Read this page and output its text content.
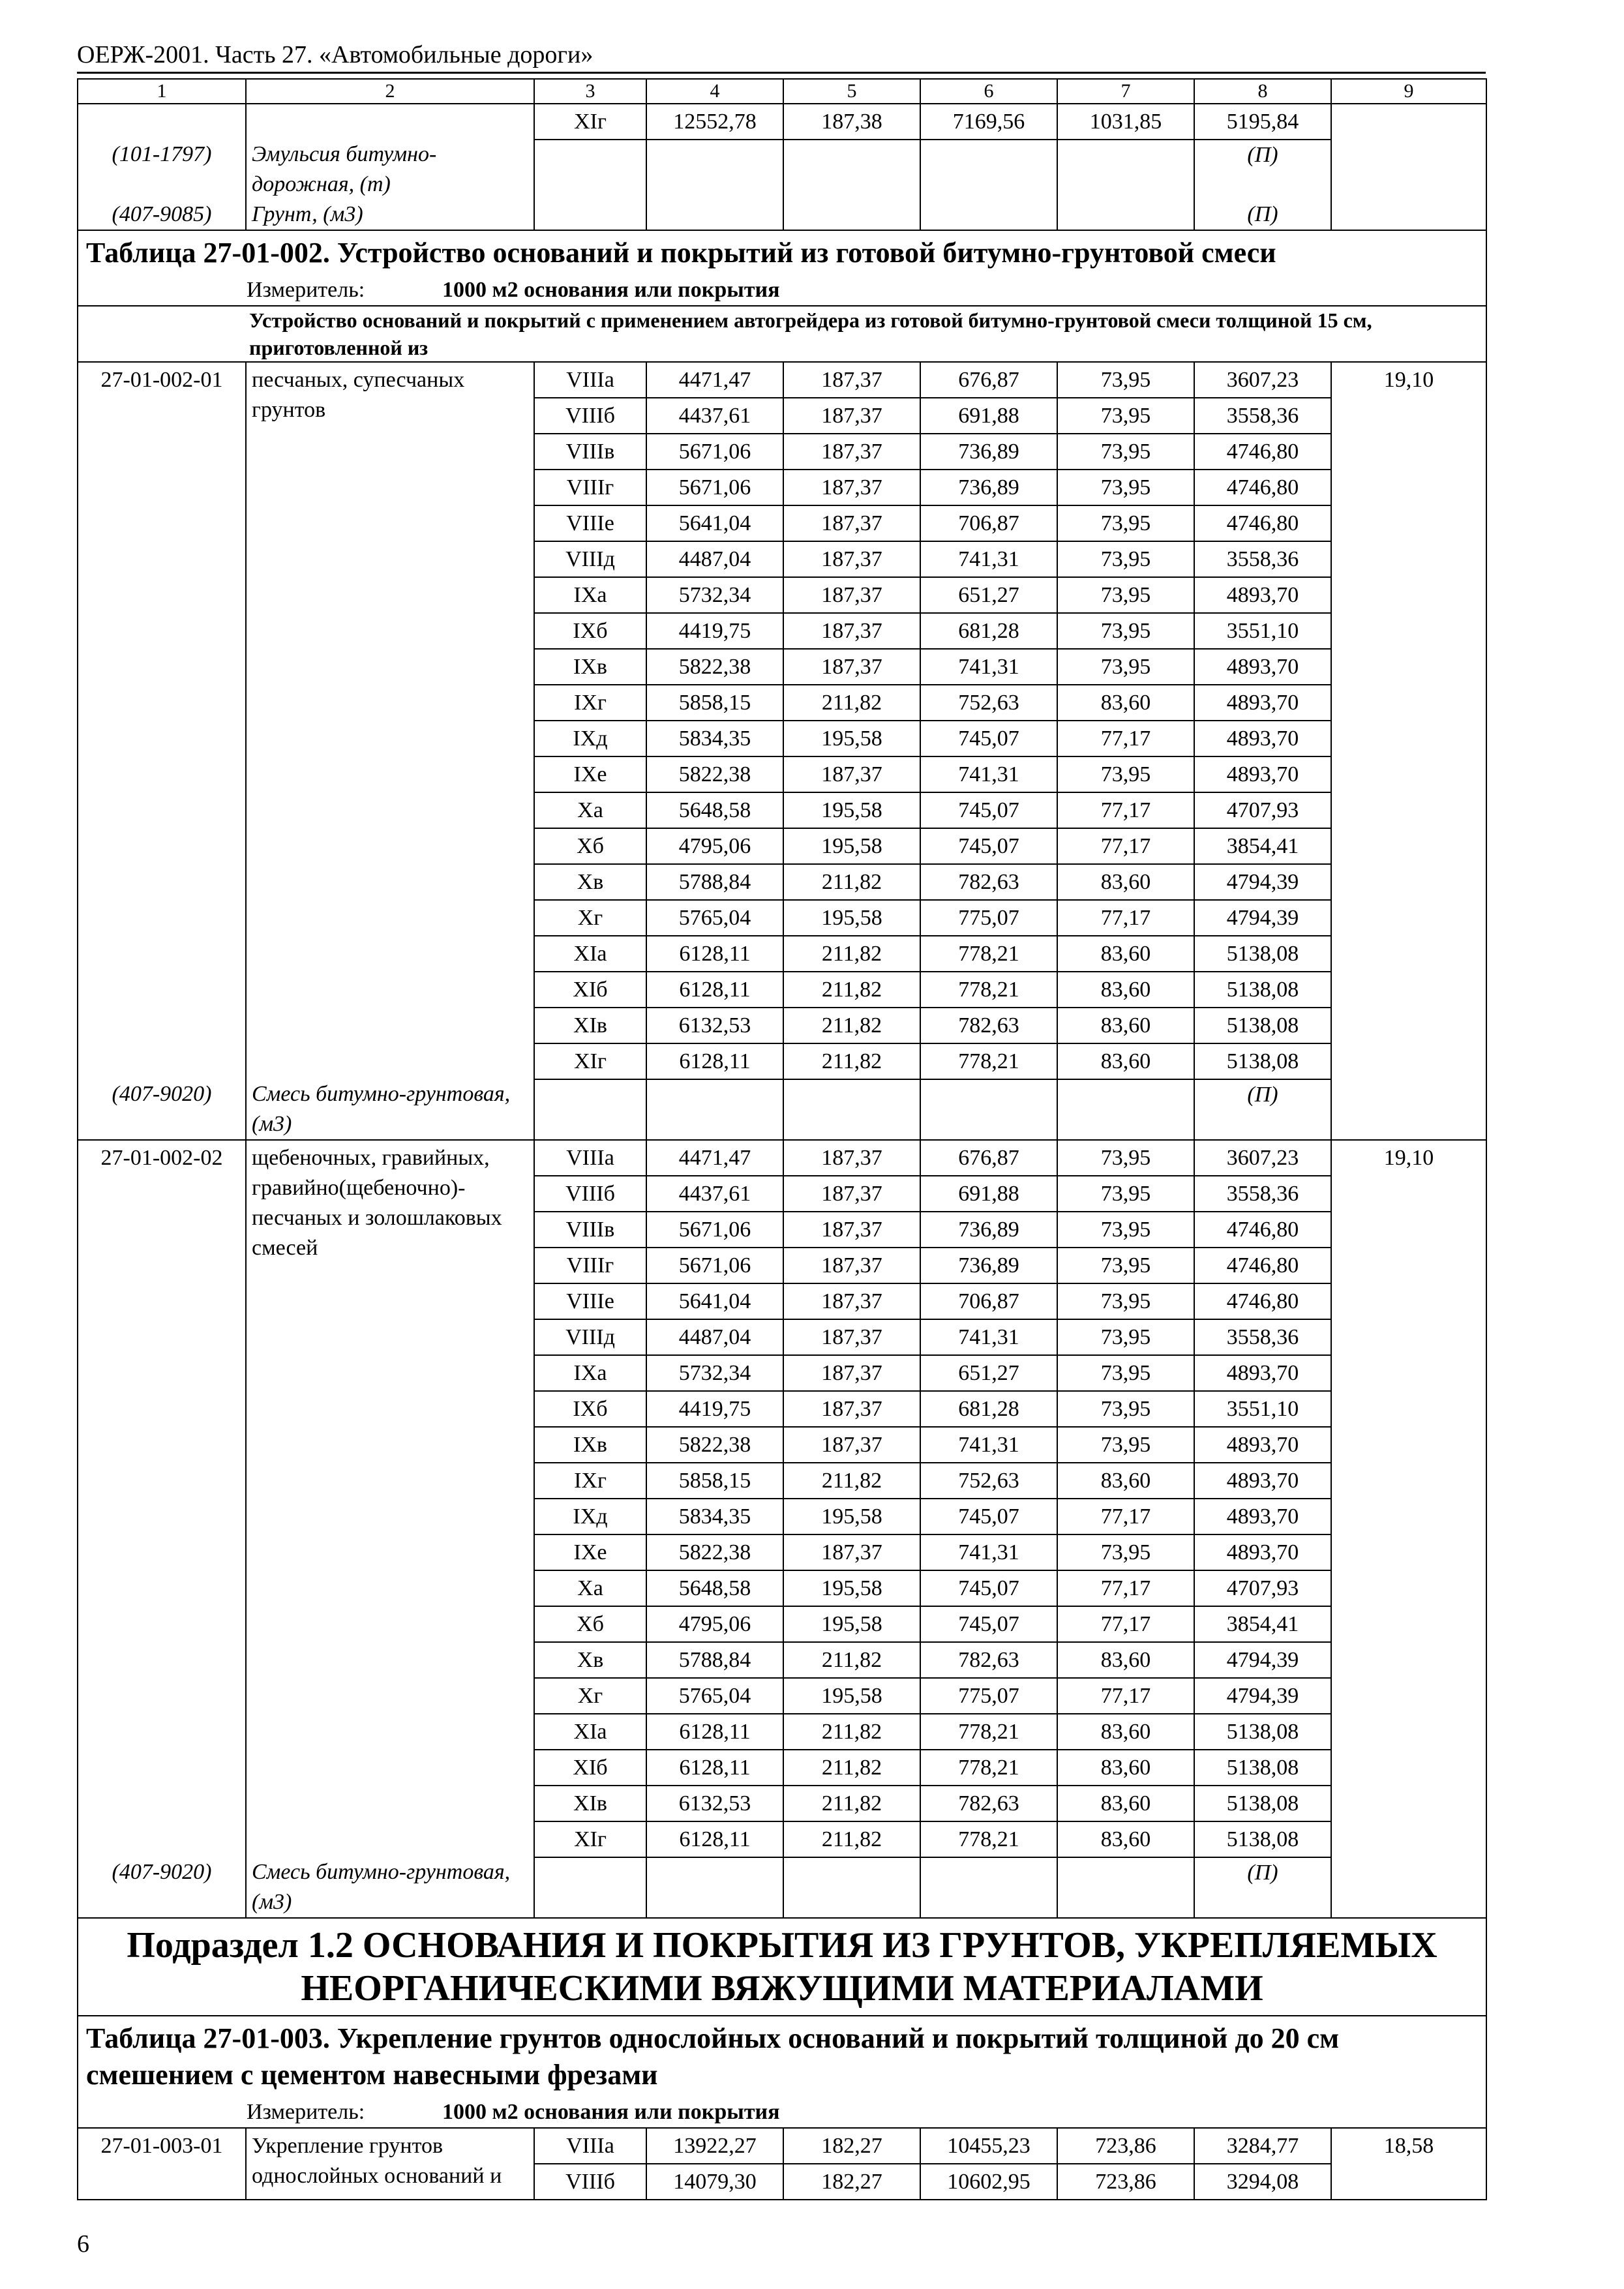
ОЕРЖ-2001. Часть 27. «Автомобильные дороги»
1	2	3	4	5	6	7	8	9
		ХIг	12552,78	187,38	7169,56	1031,85	5195,84	
(101-1797)	Эмульсия битумно-дорожная, (т)						(П)	
(407-9085)	Грунт, (м3)						(П)	
Таблица 27-01-002. Устройство оснований и покрытий из готовой битумно-грунтовой смеси								
Измеритель: 1000 м2 основания или покрытия								
Устройство оснований и покрытий с применением автогрейдера из готовой битумно-грунтовой смеси толщиной 15 см, приготовленной из								
27-01-002-01	песчаных, супесчаных грунтов	VIIIа	4471,47	187,37	676,87	73,95	3607,23	19,10
		VIIIб	4437,61	187,37	691,88	73,95	3558,36	
		VIIIв	5671,06	187,37	736,89	73,95	4746,80	
		VIIIг	5671,06	187,37	736,89	73,95	4746,80	
		VIIIе	5641,04	187,37	706,87	73,95	4746,80	
		VIIIд	4487,04	187,37	741,31	73,95	3558,36	
		IХа	5732,34	187,37	651,27	73,95	4893,70	
		IХб	4419,75	187,37	681,28	73,95	3551,10	
		IХв	5822,38	187,37	741,31	73,95	4893,70	
		IХг	5858,15	211,82	752,63	83,60	4893,70	
		IХд	5834,35	195,58	745,07	77,17	4893,70	
		IХе	5822,38	187,37	741,31	73,95	4893,70	
		Ха	5648,58	195,58	745,07	77,17	4707,93	
		Хб	4795,06	195,58	745,07	77,17	3854,41	
		Хв	5788,84	211,82	782,63	83,60	4794,39	
		Хг	5765,04	195,58	775,07	77,17	4794,39	
		ХIа	6128,11	211,82	778,21	83,60	5138,08	
		ХIб	6128,11	211,82	778,21	83,60	5138,08	
		ХIв	6132,53	211,82	782,63	83,60	5138,08	
		ХIг	6128,11	211,82	778,21	83,60	5138,08	
(407-9020)	Смесь битумно-грунтовая, (м3)						(П)	
27-01-002-02	щебеночных, гравийных, гравийно(щебеночно)-песчаных и золошлаковых смесей	VIIIа	4471,47	187,37	676,87	73,95	3607,23	19,10
		VIIIб	4437,61	187,37	691,88	73,95	3558,36	
		VIIIв	5671,06	187,37	736,89	73,95	4746,80	
		VIIIг	5671,06	187,37	736,89	73,95	4746,80	
		VIIIе	5641,04	187,37	706,87	73,95	4746,80	
		VIIIд	4487,04	187,37	741,31	73,95	3558,36	
		IХа	5732,34	187,37	651,27	73,95	4893,70	
		IХб	4419,75	187,37	681,28	73,95	3551,10	
		IХв	5822,38	187,37	741,31	73,95	4893,70	
		IХг	5858,15	211,82	752,63	83,60	4893,70	
		IХд	5834,35	195,58	745,07	77,17	4893,70	
		IХе	5822,38	187,37	741,31	73,95	4893,70	
		Ха	5648,58	195,58	745,07	77,17	4707,93	
		Хб	4795,06	195,58	745,07	77,17	3854,41	
		Хв	5788,84	211,82	782,63	83,60	4794,39	
		Хг	5765,04	195,58	775,07	77,17	4794,39	
		ХIа	6128,11	211,82	778,21	83,60	5138,08	
		ХIб	6128,11	211,82	778,21	83,60	5138,08	
		ХIв	6132,53	211,82	782,63	83,60	5138,08	
		ХIг	6128,11	211,82	778,21	83,60	5138,08	
(407-9020)	Смесь битумно-грунтовая, (м3)						(П)	
Подраздел 1.2 ОСНОВАНИЯ И ПОКРЫТИЯ ИЗ ГРУНТОВ, УКРЕПЛЯЕМЫХ НЕОРГАНИЧЕСКИМИ ВЯЖУЩИМИ МАТЕРИАЛАМИ								
Таблица 27-01-003. Укрепление грунтов однослойных оснований и покрытий толщиной до 20 см смешением с цементом навесными фрезами								
Измеритель: 1000 м2 основания или покрытия								
27-01-003-01	Укрепление грунтов однослойных оснований и	VIIIа	13922,27	182,27	10455,23	723,86	3284,77	18,58
		VIIIб	14079,30	182,27	10602,95	723,86	3294,08	
6
